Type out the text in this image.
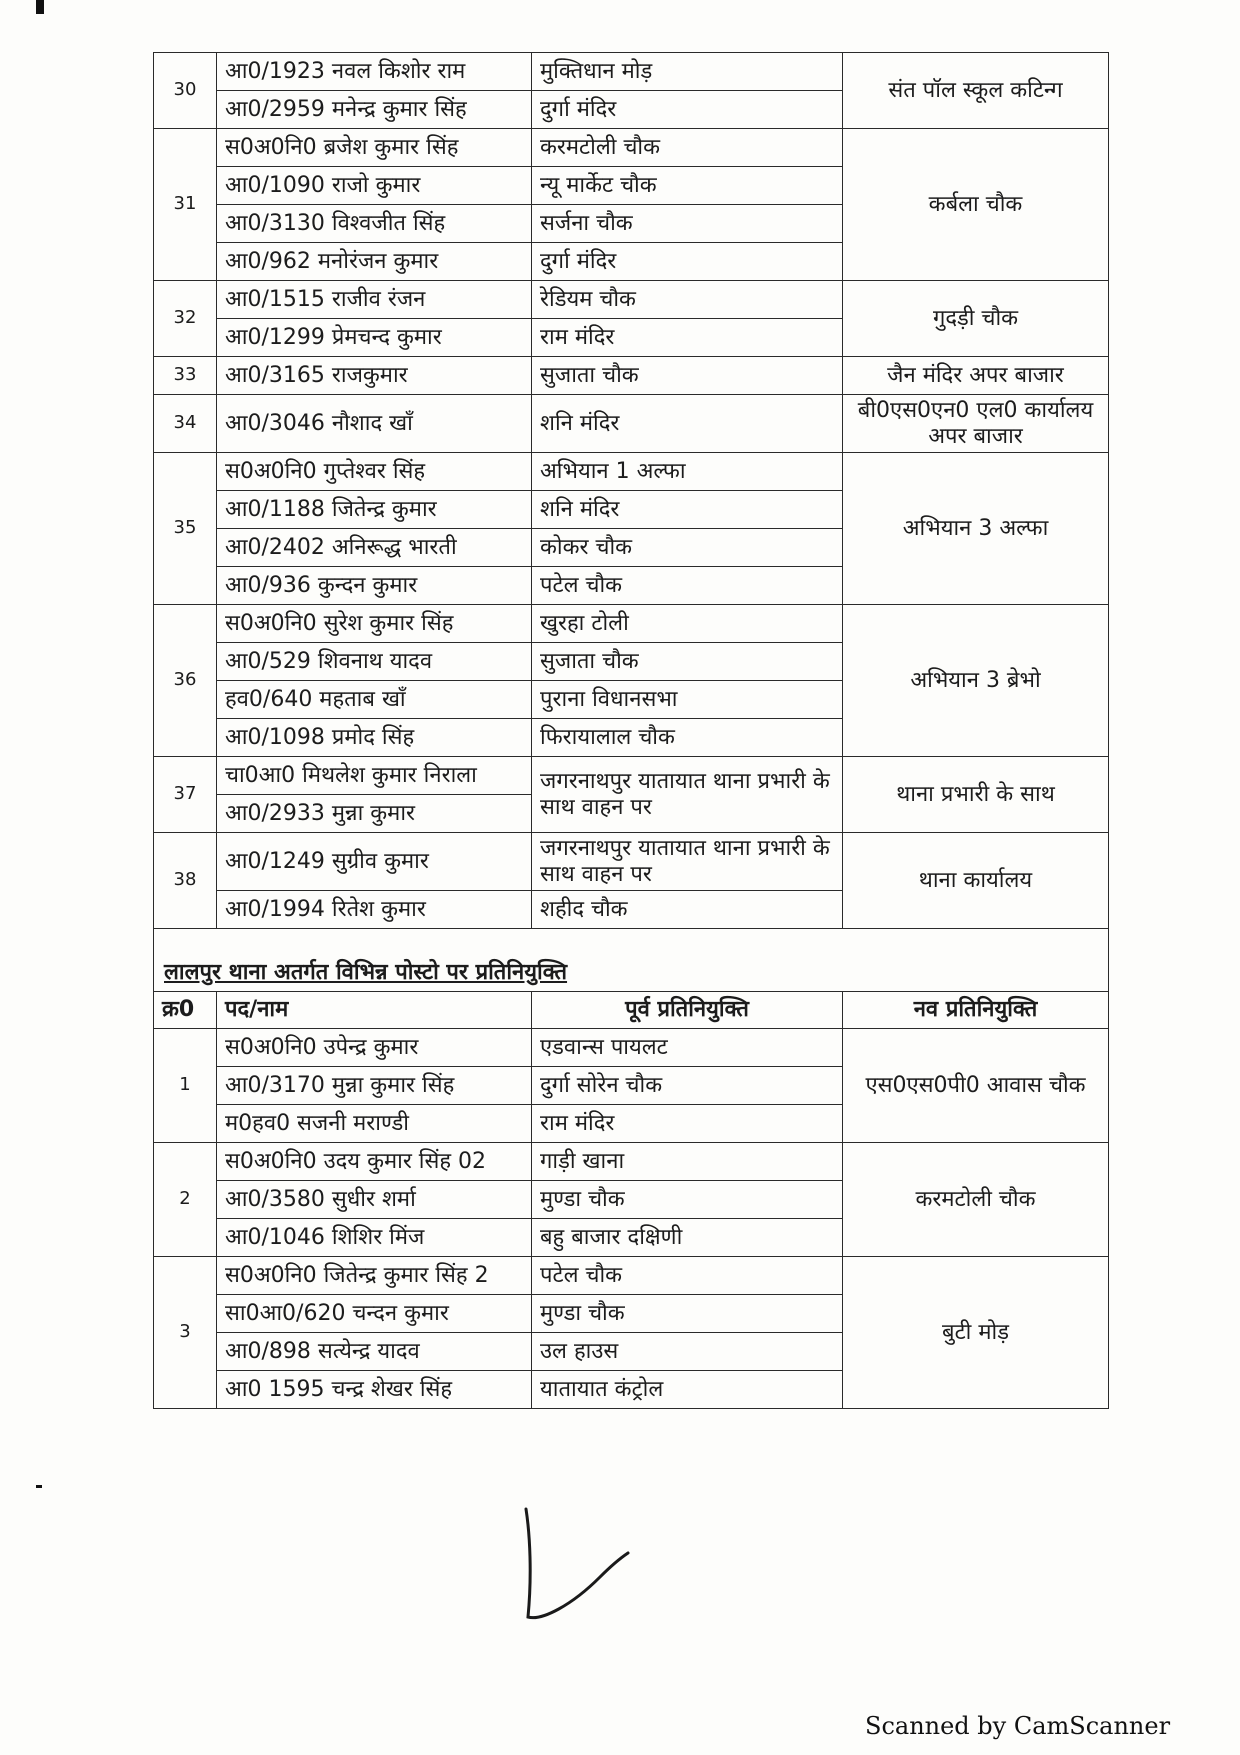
30	आ0/1923 नवल किशोर राम	मुक्तिधान मोड़	संत पॉल स्कूल कटिन्ग
	आ0/2959 मनेन्द्र कुमार सिंह	दुर्गा मंदिर	
31	स0अ0नि0 ब्रजेश कुमार सिंह	करमटोली चौक	कर्बला चौक
	आ0/1090 राजो कुमार	न्यू मार्केट चौक	
	आ0/3130 विश्वजीत सिंह	सर्जना चौक	
	आ0/962 मनोरंजन कुमार	दुर्गा मंदिर	
32	आ0/1515 राजीव रंजन	रेडियम चौक	गुदड़ी चौक
	आ0/1299 प्रेमचन्द कुमार	राम मंदिर	
33	आ0/3165 राजकुमार	सुजाता चौक	जैन मंदिर अपर बाजार
34	आ0/3046 नौशाद खाँ	शनि मंदिर	बी0एस0एन0 एल0 कार्यालय अपर बाजार
35	स0अ0नि0 गुप्तेश्वर सिंह	अभियान 1 अल्फा	अभियान 3 अल्फा
	आ0/1188 जितेन्द्र कुमार	शनि मंदिर	
	आ0/2402 अनिरूद्ध भारती	कोकर चौक	
	आ0/936 कुन्दन कुमार	पटेल चौक	
36	स0अ0नि0 सुरेश कुमार सिंह	खुरहा टोली	अभियान 3 ब्रेभो
	आ0/529 शिवनाथ यादव	सुजाता चौक	
	हव0/640 महताब खाँ	पुराना विधानसभा	
	आ0/1098 प्रमोद सिंह	फिरायालाल चौक	
37	चा0आ0 मिथलेश कुमार निराला	जगरनाथपुर यातायात थाना प्रभारी के साथ वाहन पर	थाना प्रभारी के साथ
	आ0/2933 मुन्ना कुमार		
38	आ0/1249 सुग्रीव कुमार	जगरनाथपुर यातायात थाना प्रभारी के साथ वाहन पर	थाना कार्यालय
	आ0/1994 रितेश कुमार	शहीद चौक	
लालपुर थाना अतर्गत विभिन्न पोस्टो पर प्रतिनियुक्ति			
क्र0	पद/नाम	पूर्व प्रतिनियुक्ति	नव प्रतिनियुक्ति
1	स0अ0नि0 उपेन्द्र कुमार	एडवान्स पायलट	एस0एस0पी0 आवास चौक
	आ0/3170 मुन्ना कुमार सिंह	दुर्गा सोरेन चौक	
	म0हव0 सजनी मराण्डी	राम मंदिर	
2	स0अ0नि0 उदय कुमार सिंह 02	गाड़ी खाना	करमटोली चौक
	आ0/3580 सुधीर शर्मा	मुण्डा चौक	
	आ0/1046 शिशिर मिंज	बहु बाजार दक्षिणी	
3	स0अ0नि0 जितेन्द्र कुमार सिंह 2	पटेल चौक	बुटी मोड़
	सा0आ0/620 चन्दन कुमार	मुण्डा चौक	
	आ0/898 सत्येन्द्र यादव	उल हाउस	
	आ0 1595 चन्द्र शेखर सिंह	यातायात कंट्रोल	
Scanned by CamScanner
